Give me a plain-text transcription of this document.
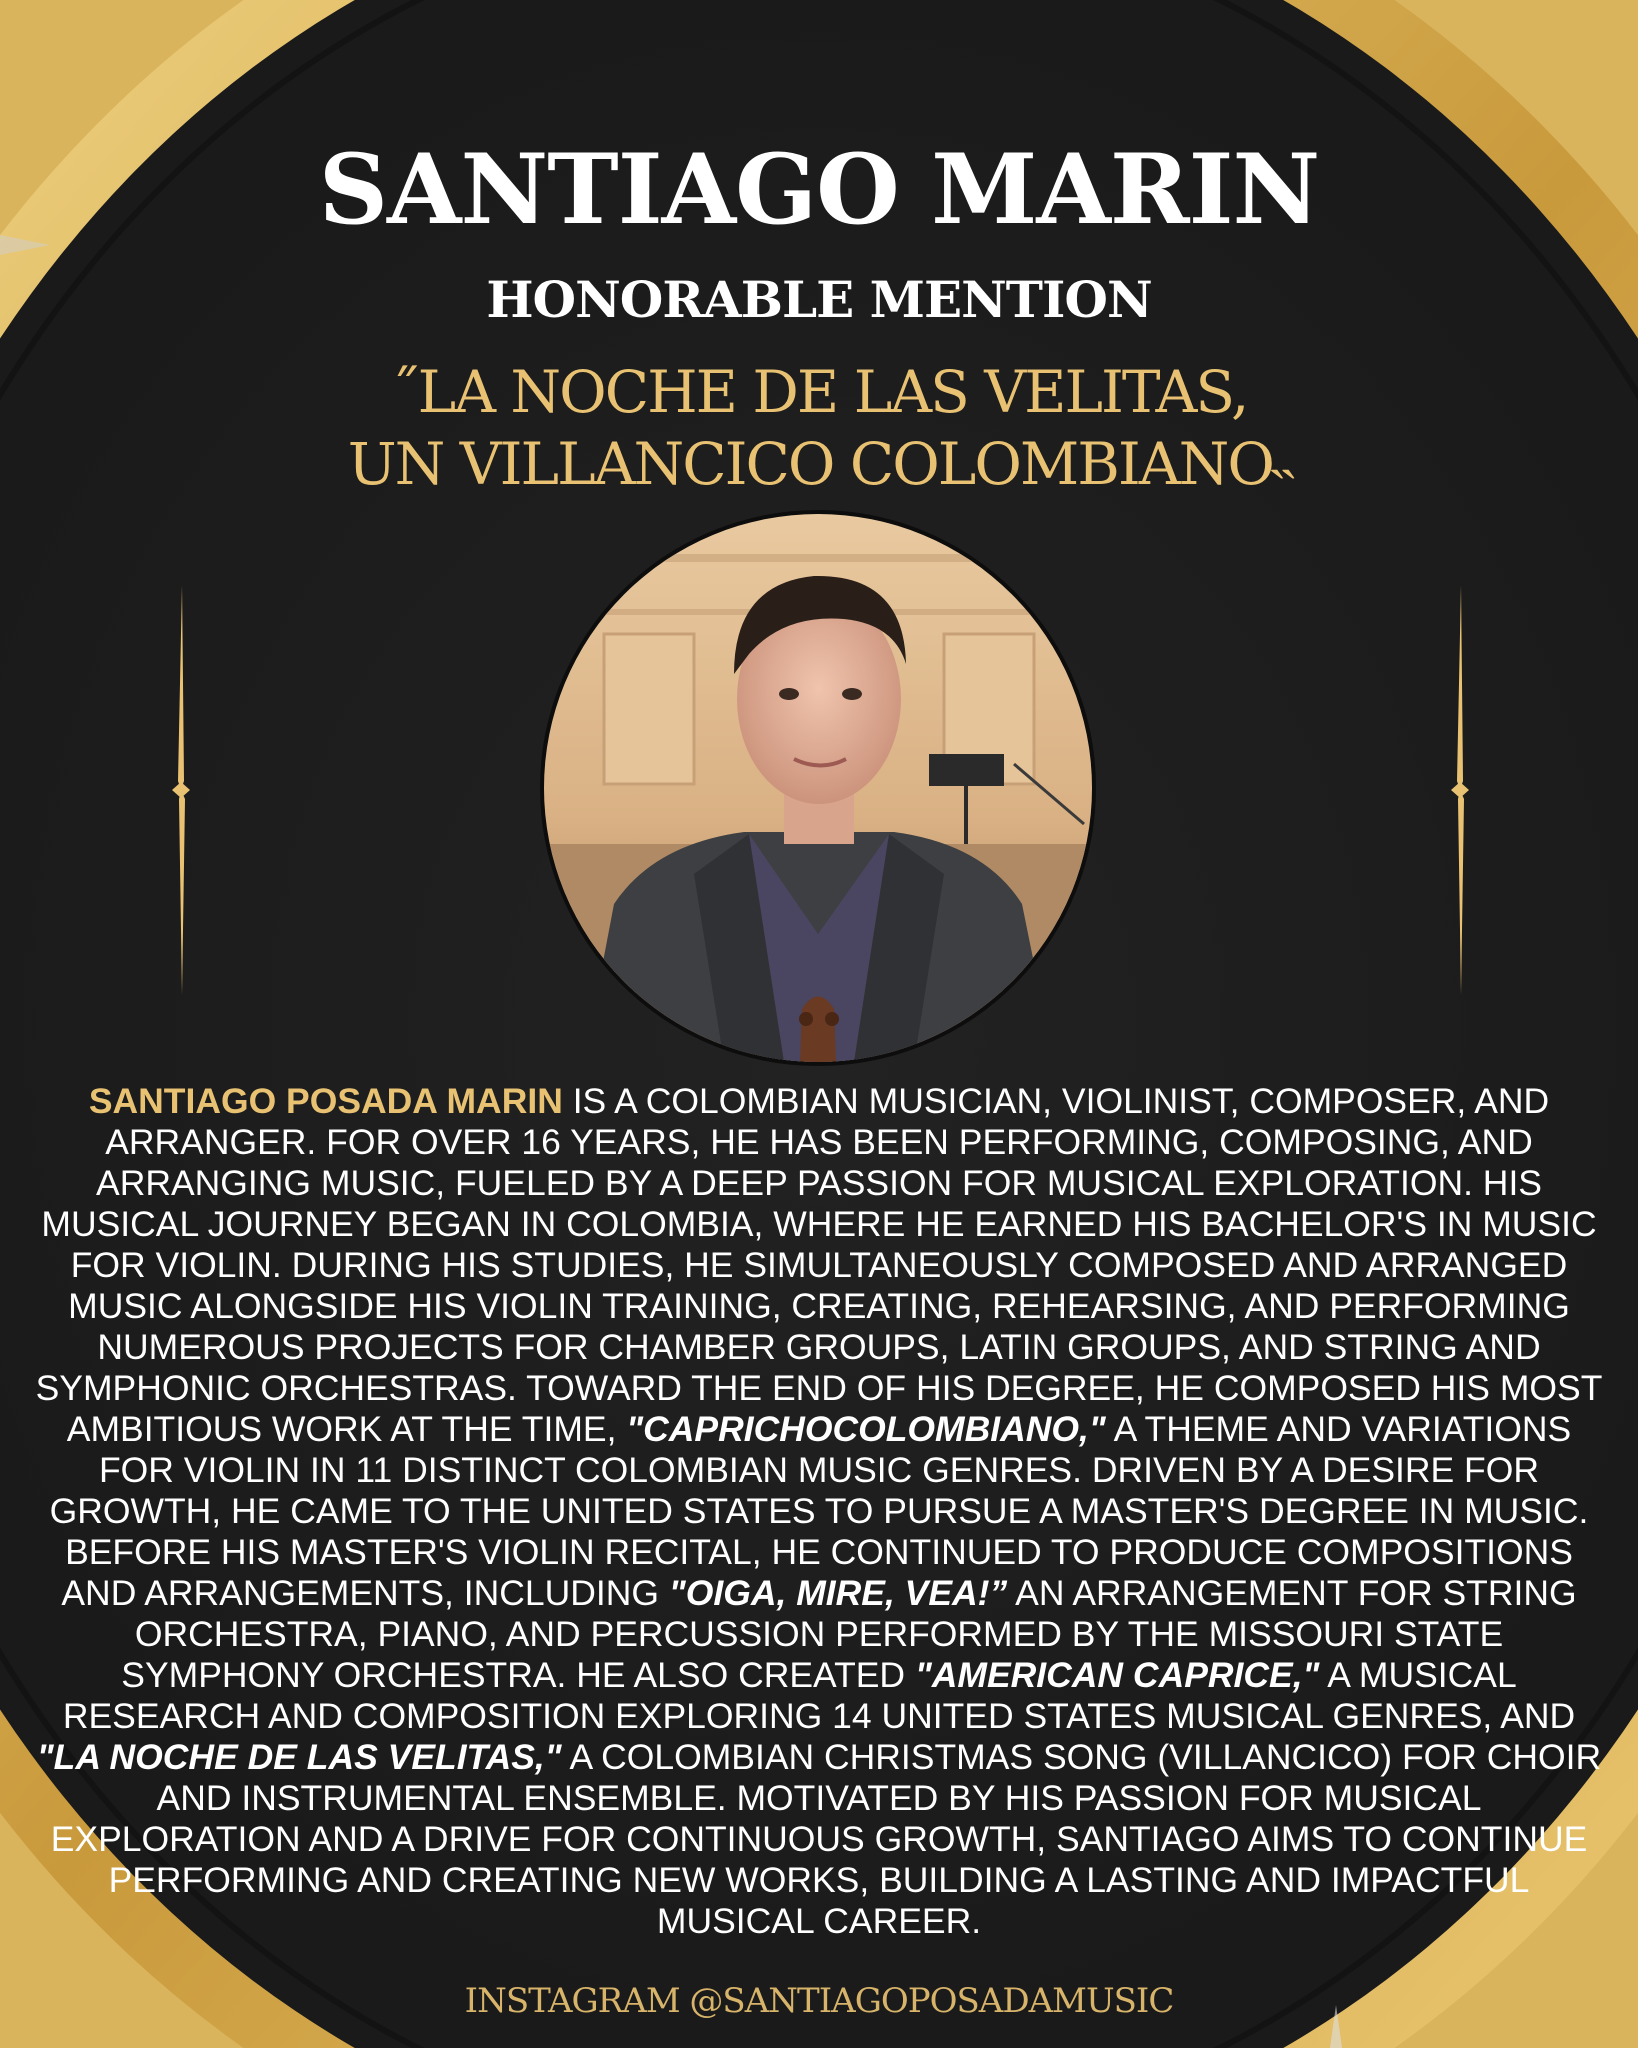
SANTIAGO MARIN
HONORABLE MENTION
˝LA NOCHE DE LAS VELITAS,
UN VILLANCICO COLOMBIANO˵
SANTIAGO POSADA MARIN IS A COLOMBIAN MUSICIAN, VIOLINIST, COMPOSER, AND ARRANGER. FOR OVER 16 YEARS, HE HAS BEEN PERFORMING, COMPOSING, AND ARRANGING MUSIC, FUELED BY A DEEP PASSION FOR MUSICAL EXPLORATION. HIS MUSICAL JOURNEY BEGAN IN COLOMBIA, WHERE HE EARNED HIS BACHELOR'S IN MUSIC FOR VIOLIN. DURING HIS STUDIES, HE SIMULTANEOUSLY COMPOSED AND ARRANGED MUSIC ALONGSIDE HIS VIOLIN TRAINING, CREATING, REHEARSING, AND PERFORMING NUMEROUS PROJECTS FOR CHAMBER GROUPS, LATIN GROUPS, AND STRING AND SYMPHONIC ORCHESTRAS. TOWARD THE END OF HIS DEGREE, HE COMPOSED HIS MOST AMBITIOUS WORK AT THE TIME, "CAPRICHOCOLOMBIANO," A THEME AND VARIATIONS FOR VIOLIN IN 11 DISTINCT COLOMBIAN MUSIC GENRES. DRIVEN BY A DESIRE FOR GROWTH, HE CAME TO THE UNITED STATES TO PURSUE A MASTER'S DEGREE IN MUSIC. BEFORE HIS MASTER'S VIOLIN RECITAL, HE CONTINUED TO PRODUCE COMPOSITIONS AND ARRANGEMENTS, INCLUDING "OIGA, MIRE, VEA!” AN ARRANGEMENT FOR STRING ORCHESTRA, PIANO, AND PERCUSSION PERFORMED BY THE MISSOURI STATE SYMPHONY ORCHESTRA. HE ALSO CREATED "AMERICAN CAPRICE," A MUSICAL RESEARCH AND COMPOSITION EXPLORING 14 UNITED STATES MUSICAL GENRES, AND "LA NOCHE DE LAS VELITAS," A COLOMBIAN CHRISTMAS SONG (VILLANCICO) FOR CHOIR AND INSTRUMENTAL ENSEMBLE. MOTIVATED BY HIS PASSION FOR MUSICAL EXPLORATION AND A DRIVE FOR CONTINUOUS GROWTH, SANTIAGO AIMS TO CONTINUE PERFORMING AND CREATING NEW WORKS, BUILDING A LASTING AND IMPACTFUL MUSICAL CAREER.
INSTAGRAM @SANTIAGOPOSADAMUSIC
